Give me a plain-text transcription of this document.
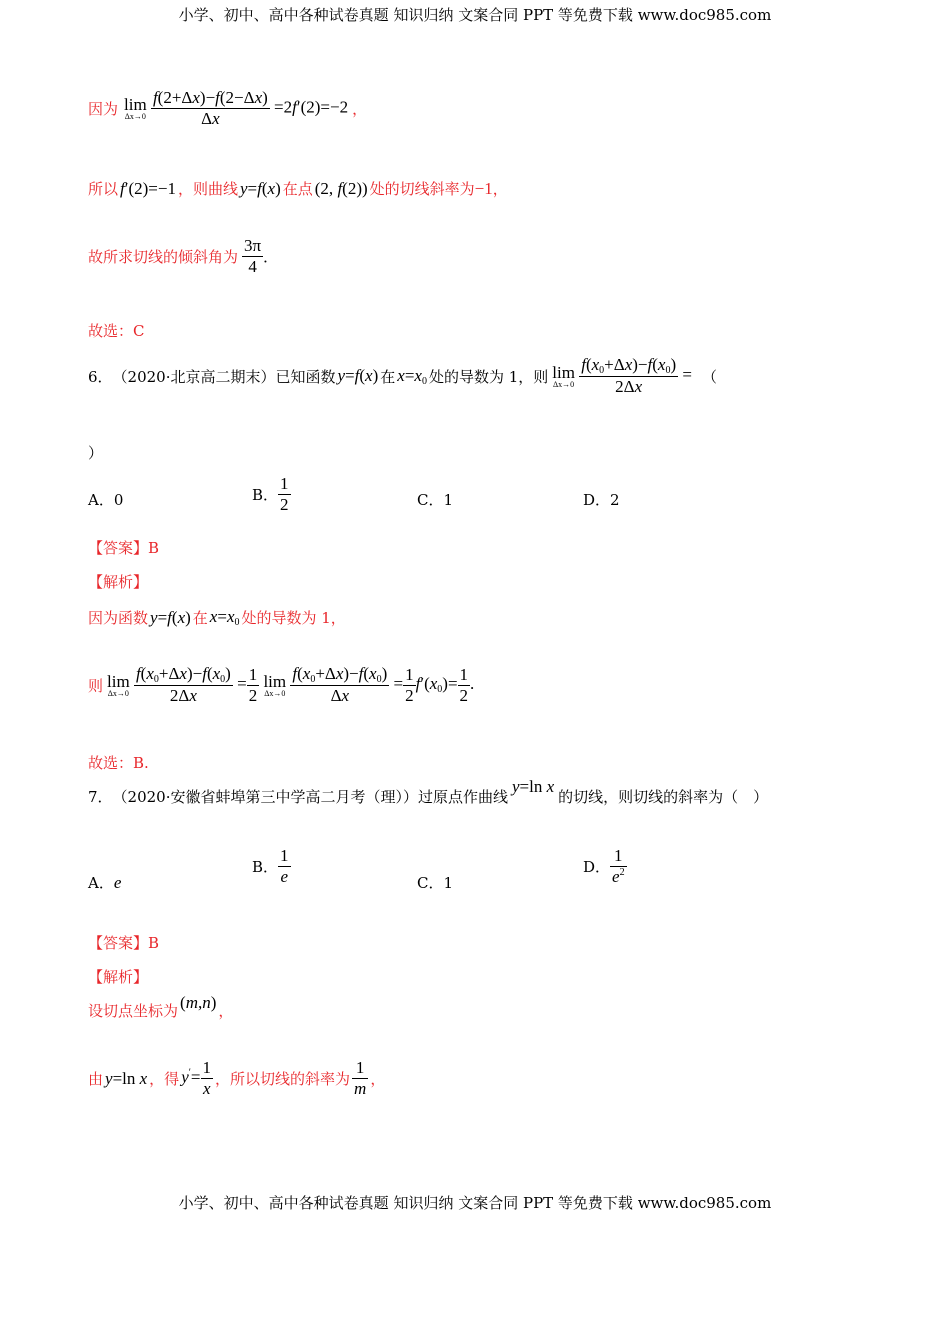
小学、初中、高中各种试卷真题 知识归纳 文案合同 PPT 等免费下载 www.doc985.com
因为 lim
Δx→0
$\frac{f(2+\Delta x)-f(2-\Delta x)}{\Delta x} =2f'(2)=-2$ ，
所以 f′(2)=−1 ，则曲线 y=f(x) 在点 (2, f(2)) 处的切线斜率为 −1 ，
故所求切线的倾斜角为 $\frac{3\pi}{4}$ ．
故选：C
6． （2020·北京高二期末）已知函数 y=f(x) 在 $x=x_0$ 处的导数为 1，则 lim
Δx→0
$\frac{f(x_0+\Delta x)-f(x_0)}{2\Delta x}$ = （
）
A．0	B． $\frac{1}{2}$	C．1	D．2
【答案】B
【解析】
因为函数 y=f(x) 在 $x=x_0$ 处的导数为 1，
则 lim
Δx→0
$\frac{f(x_0+\Delta x)-f(x_0)}{2\Delta x} = \frac{1}{2}$
lim
Δx→0
$\frac{f(x_0+\Delta x)-f(x_0)}{\Delta x} = \frac{1}{2} f'(x_0)= \frac{1}{2}$ .
故选：B.
7． （2020·安徽省蚌埠第三中学高二月考（理））过原点作曲线
y=ln x
的切线，则切线的斜率为（　）
A．e
B． $\frac{1}{e}$	C．1
D． $\frac{1}{e^2}$
【答案】B
【解析】
设切点坐标为 (m,n) ，
由 y=ln x ，得 $y'= \frac{1}{x}$ ，所以切线的斜率为 $\frac{1}{m}$ ，
小学、初中、高中各种试卷真题 知识归纳 文案合同 PPT 等免费下载 www.doc985.com
